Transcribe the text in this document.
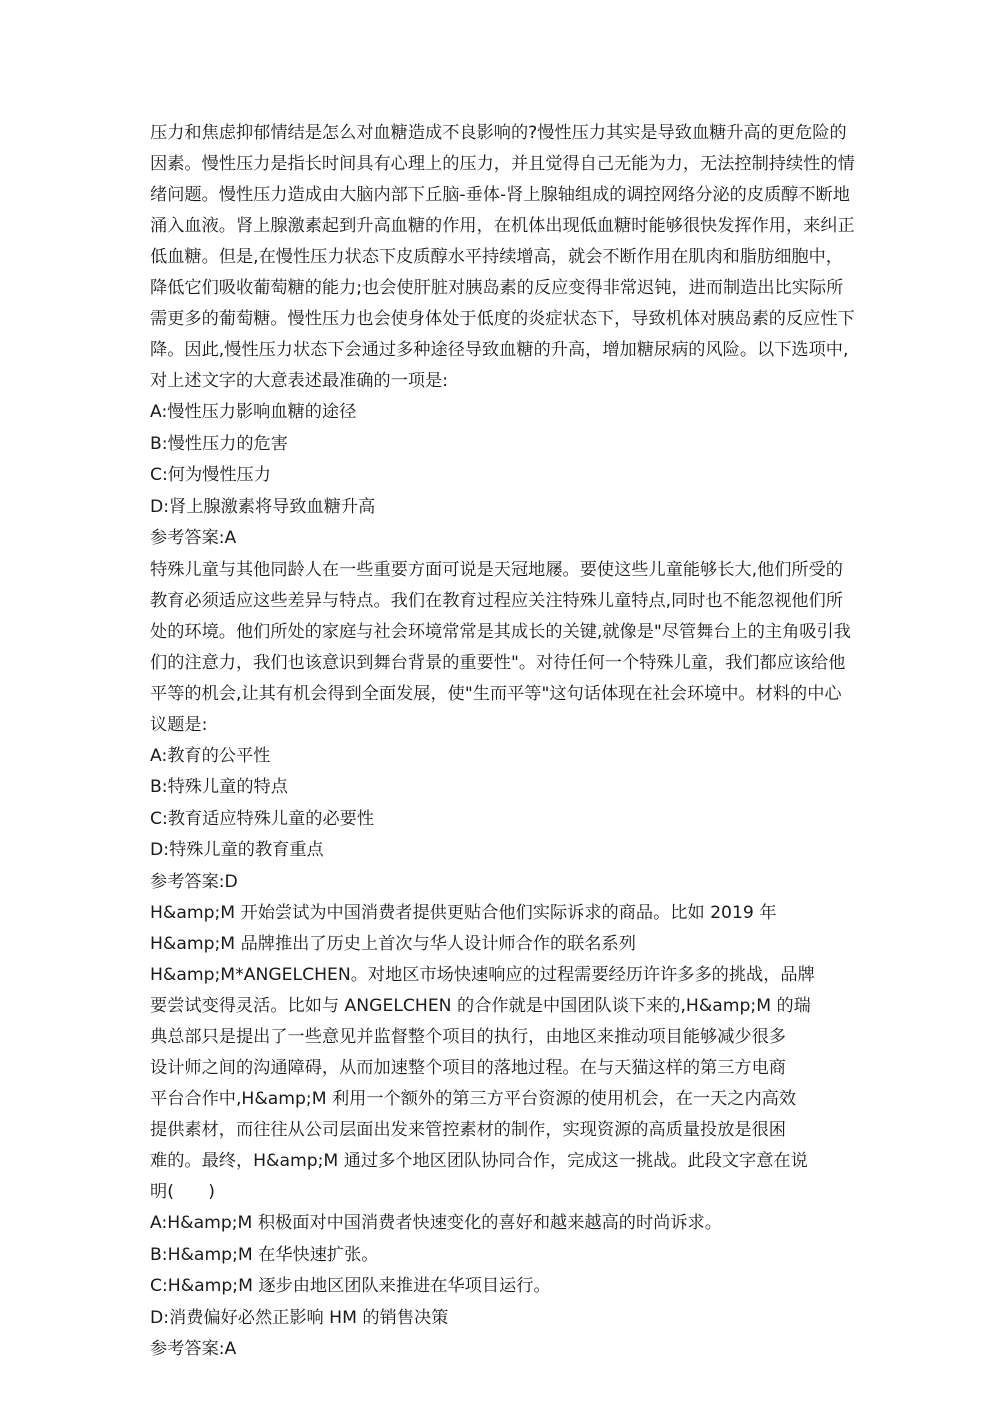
压力和焦虑抑郁情结是怎么对血糖造成不良影响的?慢性压力其实是导致血糖升高的更危险的因素。慢性压力是指长时间具有心理上的压力，并且觉得自己无能为力，无法控制持续性的情绪问题。慢性压力造成由大脑内部下丘脑-垂体-肾上腺轴组成的调控网络分泌的皮质醇不断地涌入血液。肾上腺激素起到升高血糖的作用，在机体出现低血糖时能够很快发挥作用，来纠正低血糖。但是,在慢性压力状态下皮质醇水平持续增高，就会不断作用在肌肉和脂肪细胞中，降低它们吸收葡萄糖的能力;也会使肝脏对胰岛素的反应变得非常迟钝，进而制造出比实际所需更多的葡萄糖。慢性压力也会使身体处于低度的炎症状态下，导致机体对胰岛素的反应性下降。因此,慢性压力状态下会通过多种途径导致血糖的升高，增加糖尿病的风险。以下选项中,对上述文字的大意表述最准确的一项是:

A:慢性压力影响血糖的途径

B:慢性压力的危害

C:何为慢性压力

D:肾上腺激素将导致血糖升高

参考答案:A

特殊儿童与其他同龄人在一些重要方面可说是天冠地屦。要使这些儿童能够长大,他们所受的教育必须适应这些差异与特点。我们在教育过程应关注特殊儿童特点,同时也不能忽视他们所处的环境。他们所处的家庭与社会环境常常是其成长的关键,就像是"尽管舞台上的主角吸引我们的注意力，我们也该意识到舞台背景的重要性"。对待任何一个特殊儿童，我们都应该给他平等的机会,让其有机会得到全面发展，使"生而平等"这句话体现在社会环境中。材料的中心议题是:

A:教育的公平性

B:特殊儿童的特点

C:教育适应特殊儿童的必要性

D:特殊儿童的教育重点

参考答案:D

H&amp;M 开始尝试为中国消费者提供更贴合他们实际诉求的商品。比如 2019 年
H&amp;M 品牌推出了历史上首次与华人设计师合作的联名系列
H&amp;M*ANGELCHEN。对地区市场快速响应的过程需要经历许许多多的挑战，品牌
要尝试变得灵活。比如与 ANGELCHEN 的合作就是中国团队谈下来的,H&amp;M 的瑞
典总部只是提出了一些意见并监督整个项目的执行，由地区来推动项目能够减少很多
设计师之间的沟通障碍，从而加速整个项目的落地过程。在与天猫这样的第三方电商
平台合作中,H&amp;M 利用一个额外的第三方平台资源的使用机会，在一天之内高效
提供素材，而往往从公司层面出发来管控素材的制作，实现资源的高质量投放是很困
难的。最终，H&amp;M 通过多个地区团队协同合作，完成这一挑战。此段文字意在说
明(　　)

A:H&amp;M 积极面对中国消费者快速变化的喜好和越来越高的时尚诉求。

B:H&amp;M 在华快速扩张。

C:H&amp;M 逐步由地区团队来推进在华项目运行。

D:消费偏好必然正影响 HM 的销售决策

参考答案:A
